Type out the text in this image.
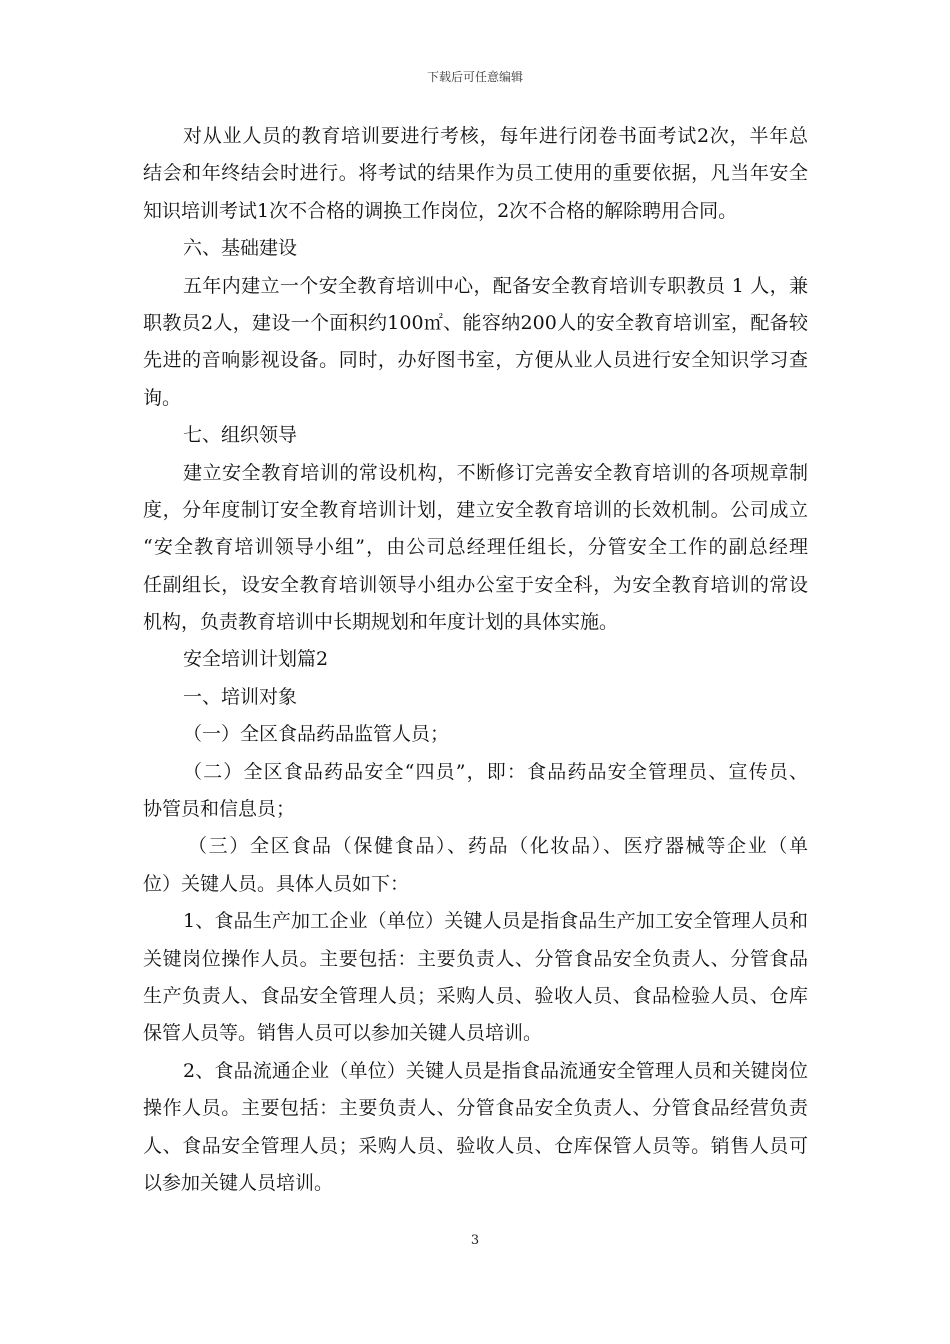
下载后可任意编辑
对从业人员的教育培训要进行考核，每年进行闭卷书面考试2次，半年总
结会和年终结会时进行。将考试的结果作为员工使用的重要依据，凡当年安全
知识培训考试1次不合格的调换工作岗位，2次不合格的解除聘用合同。
六、基础建设
五年内建立一个安全教育培训中心，配备安全教育培训专职教员 1 人，兼
职教员2人，建设一个面积约100㎡、能容纳200人的安全教育培训室，配备较
先进的音响影视设备。同时，办好图书室，方便从业人员进行安全知识学习查
询。
七、组织领导
建立安全教育培训的常设机构，不断修订完善安全教育培训的各项规章制
度，分年度制订安全教育培训计划，建立安全教育培训的长效机制。公司成立
“安全教育培训领导小组”，由公司总经理任组长，分管安全工作的副总经理
任副组长，设安全教育培训领导小组办公室于安全科，为安全教育培训的常设
机构，负责教育培训中长期规划和年度计划的具体实施。
安全培训计划篇2
一、培训对象
（一）全区食品药品监管人员；
（二）全区食品药品安全“四员”，即：食品药品安全管理员、宣传员、
协管员和信息员；
（三）全区食品（保健食品）、药品（化妆品）、医疗器械等企业（单
位）关键人员。具体人员如下：
1、食品生产加工企业（单位）关键人员是指食品生产加工安全管理人员和
关键岗位操作人员。主要包括：主要负责人、分管食品安全负责人、分管食品
生产负责人、食品安全管理人员；采购人员、验收人员、食品检验人员、仓库
保管人员等。销售人员可以参加关键人员培训。
2、食品流通企业（单位）关键人员是指食品流通安全管理人员和关键岗位
操作人员。主要包括：主要负责人、分管食品安全负责人、分管食品经营负责
人、食品安全管理人员；采购人员、验收人员、仓库保管人员等。销售人员可
以参加关键人员培训。
3
